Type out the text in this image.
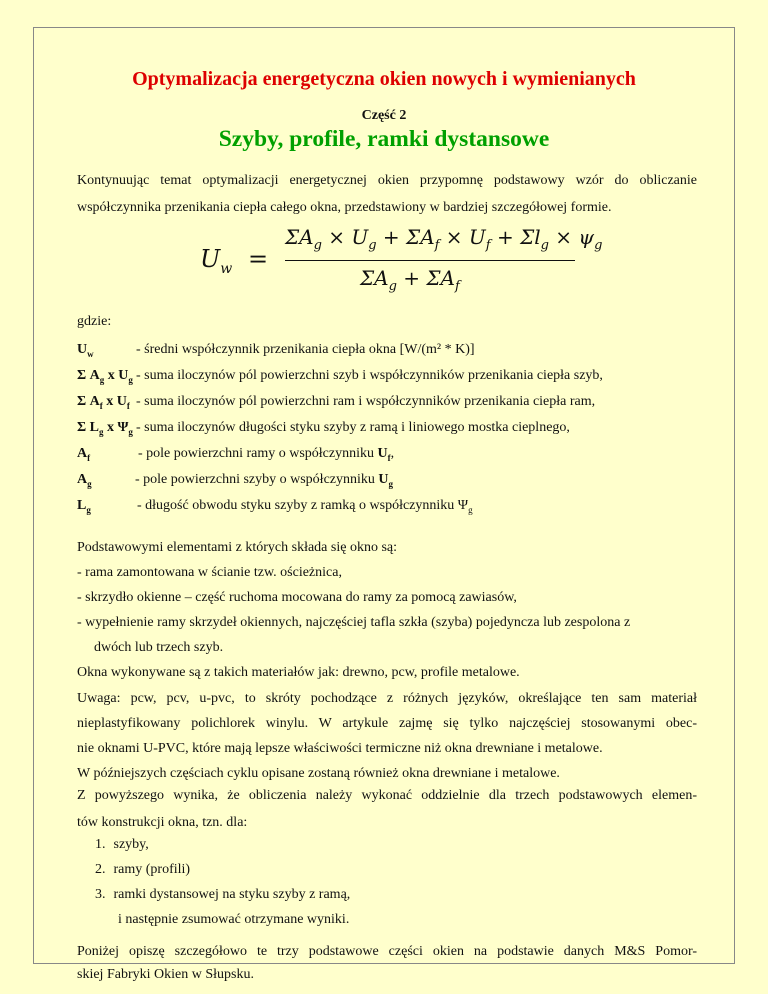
Optymalizacja energetyczna okien nowych i wymienianych
Część 2
Szyby, profile, ramki dystansowe
Kontynuując temat optymalizacji energetycznej okien przypomnę podstawowy wzór do obliczanie
współczynnika przenikania ciepła całego okna, przedstawiony w bardziej szczegółowej formie.
$U_w$ =
$\Sigma A_g \times U_g + \Sigma A_f \times U_f + \Sigma l_g \times \psi_g$
$\Sigma A_g + \Sigma A_f$
gdzie:
$U_w$	- średni współczynnik przenikania ciepła okna [W/(m² * K)]
Σ $A_g$ x $U_g$ - suma iloczynów pól powierzchni szyb i współczynników przenikania ciepła szyb,
Σ $A_f$ x $U_f$ - suma iloczynów pól powierzchni ram i współczynników przenikania ciepła ram,
Σ $L_g$ x $\Psi_g$ - suma iloczynów długości styku szyby z ramą i liniowego mostka cieplnego,
$A_f$	- pole powierzchni ramy o współczynniku $U_f$,
$A_g$	- pole powierzchni szyby o współczynniku $U_g$
$L_g$	- długość obwodu styku szyby z ramką o współczynniku $\Psi_g$
Podstawowymi elementami z których składa się okno są:
- rama zamontowana w ścianie tzw. ościeżnica,
- skrzydło okienne – część ruchoma mocowana do ramy za pomocą zawiasów,
- wypełnienie ramy skrzydeł okiennych, najczęściej tafla szkła (szyba) pojedyncza lub zespolona z
dwóch lub trzech szyb.
Okna wykonywane są z takich materiałów jak: drewno, pcw, profile metalowe.
Uwaga: pcw, pcv, u-pvc, to skróty pochodzące z różnych języków, określające ten sam materiał
nieplastyfikowany polichlorek winylu. W artykule zajmę się tylko najczęściej stosowanymi obec-
nie oknami U-PVC, które mają lepsze właściwości termiczne niż okna drewniane i metalowe.
W późniejszych częściach cyklu opisane zostaną również okna drewniane i metalowe.
Z powyższego wynika, że obliczenia należy wykonać oddzielnie dla trzech podstawowych elemen-
tów konstrukcji okna, tzn. dla:
1. szyby,
2. ramy (profili)
3. ramki dystansowej na styku szyby z ramą,
i następnie zsumować otrzymane wyniki.
Poniżej opiszę szczegółowo te trzy podstawowe części okien na podstawie danych M&S Pomor-
skiej Fabryki Okien w Słupsku.
